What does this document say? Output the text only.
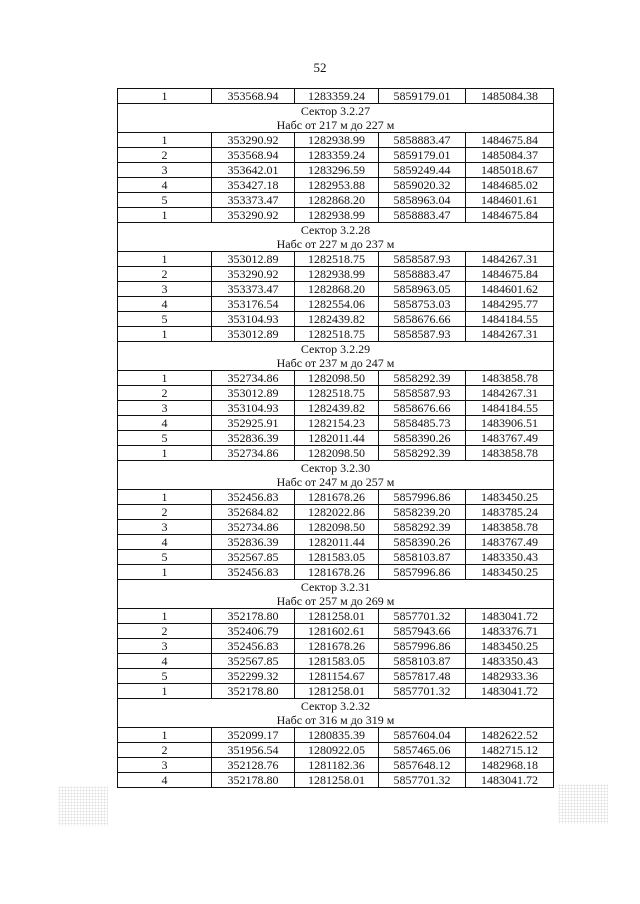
52
1	353568.94	1283359.24	5859179.01	1485084.38
Сектор 3.2.27				
Набс от 217 м до 227 м				
1	353290.92	1282938.99	5858883.47	1484675.84
2	353568.94	1283359.24	5859179.01	1485084.37
3	353642.01	1283296.59	5859249.44	1485018.67
4	353427.18	1282953.88	5859020.32	1484685.02
5	353373.47	1282868.20	5858963.04	1484601.61
1	353290.92	1282938.99	5858883.47	1484675.84
Сектор 3.2.28				
Набс от 227 м до 237 м				
1	353012.89	1282518.75	5858587.93	1484267.31
2	353290.92	1282938.99	5858883.47	1484675.84
3	353373.47	1282868.20	5858963.05	1484601.62
4	353176.54	1282554.06	5858753.03	1484295.77
5	353104.93	1282439.82	5858676.66	1484184.55
1	353012.89	1282518.75	5858587.93	1484267.31
Сектор 3.2.29				
Набс от 237 м до 247 м				
1	352734.86	1282098.50	5858292.39	1483858.78
2	353012.89	1282518.75	5858587.93	1484267.31
3	353104.93	1282439.82	5858676.66	1484184.55
4	352925.91	1282154.23	5858485.73	1483906.51
5	352836.39	1282011.44	5858390.26	1483767.49
1	352734.86	1282098.50	5858292.39	1483858.78
Сектор 3.2.30				
Набс от 247 м до 257 м				
1	352456.83	1281678.26	5857996.86	1483450.25
2	352684.82	1282022.86	5858239.20	1483785.24
3	352734.86	1282098.50	5858292.39	1483858.78
4	352836.39	1282011.44	5858390.26	1483767.49
5	352567.85	1281583.05	5858103.87	1483350.43
1	352456.83	1281678.26	5857996.86	1483450.25
Сектор 3.2.31				
Набс от 257 м до 269 м				
1	352178.80	1281258.01	5857701.32	1483041.72
2	352406.79	1281602.61	5857943.66	1483376.71
3	352456.83	1281678.26	5857996.86	1483450.25
4	352567.85	1281583.05	5858103.87	1483350.43
5	352299.32	1281154.67	5857817.48	1482933.36
1	352178.80	1281258.01	5857701.32	1483041.72
Сектор 3.2.32				
Набс от 316 м до 319 м				
1	352099.17	1280835.39	5857604.04	1482622.52
2	351956.54	1280922.05	5857465.06	1482715.12
3	352128.76	1281182.36	5857648.12	1482968.18
4	352178.80	1281258.01	5857701.32	1483041.72
